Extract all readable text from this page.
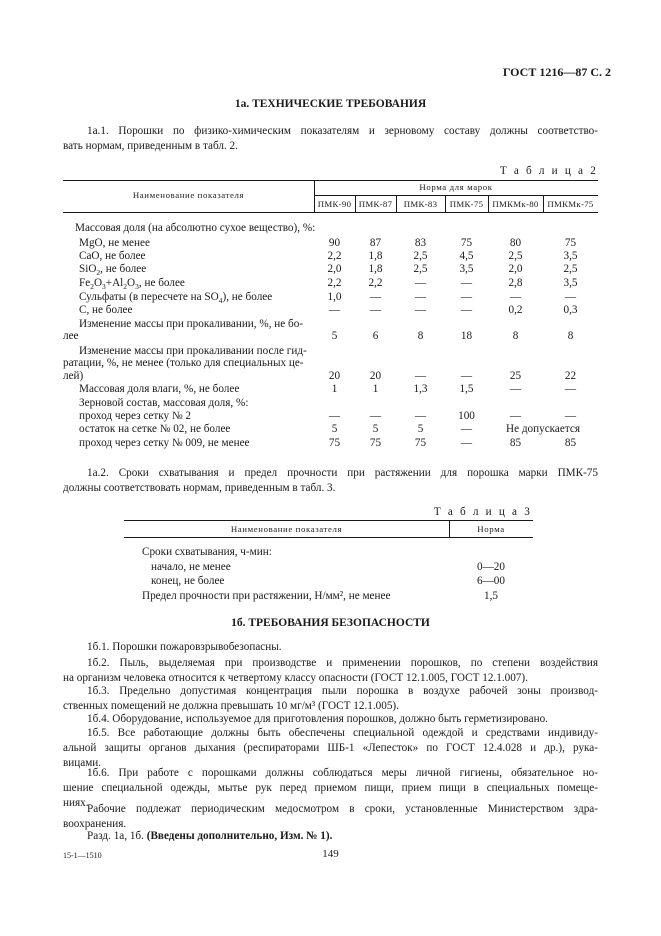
ГОСТ 1216—87 С. 2
1а. ТЕХНИЧЕСКИЕ ТРЕБОВАНИЯ
1а.1. Порошки по физико-химическим показателям и зерновому составу должны соответство-
вать нормам, приведенным в табл. 2.
Т а б л и ц а 2
Наименование показателя
Норма для марок
ПМК-90 ПМК-87	ПМК-83	ПМК-75	ПМКМк-80 ПМКМк-75
Массовая доля (на абсолютно сухое вещество), %:
MgO, не менее	90	87	83	75	80	75
CaO, не более	2,2	1,8	2,5	4,5	2,5	3,5
SiO$_2$, не более	2,0	1,8	2,5	3,5	2,0	2,5
$Fe_2O_3+Al_2O_3$, не более	2,2	2,2	—	—	2,8	3,5
Сульфаты (в пересчете на $SO_4$), не более	1,0	—	—	—	—	—
С, не более	—	—	—	—	0,2	0,3
Изменение массы при прокаливании, %, не бо-
лее	5	6	8	18	8	8
Изменение массы при прокаливании после гид-
ратации, %, не менее (только для специальных це-
лей)	20	20	—	—	25	22
Массовая доля влаги, %, не более	1	1	1,3	1,5	—	—
Зерновой состав, массовая доля, %:
проход через сетку № 2	—	—	—	100	—	—
остаток на сетке № 02, не более	5	5	5	—	Не допускается
проход через сетку № 009, не менее	75	75	75	—	85	85
1а.2. Сроки схватывания и предел прочности при растяжении для порошка марки ПМК-75
должны соответствовать нормам, приведенным в табл. 3.
Т а б л и ц а 3
Наименование показателя	Норма
Сроки схватывания, ч-мин:
начало, не менее	0—20
конец, не более	6—00
Предел прочности при растяжении, Н/мм², не менее	1,5
1б. ТРЕБОВАНИЯ БЕЗОПАСНОСТИ
1б.1. Порошки пожаровзрывобезопасны.
1б.2. Пыль, выделяемая при производстве и применении порошков, по степени воздействия
на организм человека относится к четвертому классу опасности (ГОСТ 12.1.005, ГОСТ 12.1.007).
1б.3. Предельно допустимая концентрация пыли порошка в воздухе рабочей зоны производ-
ственных помещений не должна превышать 10 мг/м³ (ГОСТ 12.1.005).
1б.4. Оборудование, используемое для приготовления порошков, должно быть герметизировано.
1б.5. Все работающие должны быть обеспечены специальной одеждой и средствами индивиду-
альной защиты органов дыхания (респираторами ШБ-1 «Лепесток» по ГОСТ 12.4.028 и др.), рука-
вицами.
1б.6. При работе с порошками должны соблюдаться меры личной гигиены, обязательное но-
шение специальной одежды, мытье рук перед приемом пищи, прием пищи в специальных помеще-
ниях.
Рабочие подлежат периодическим медосмотром в сроки, установленные Министерством здра-
воохранения.
Разд. 1а, 1б. (Введены дополнительно, Изм. № 1).
15-1—1510	149
